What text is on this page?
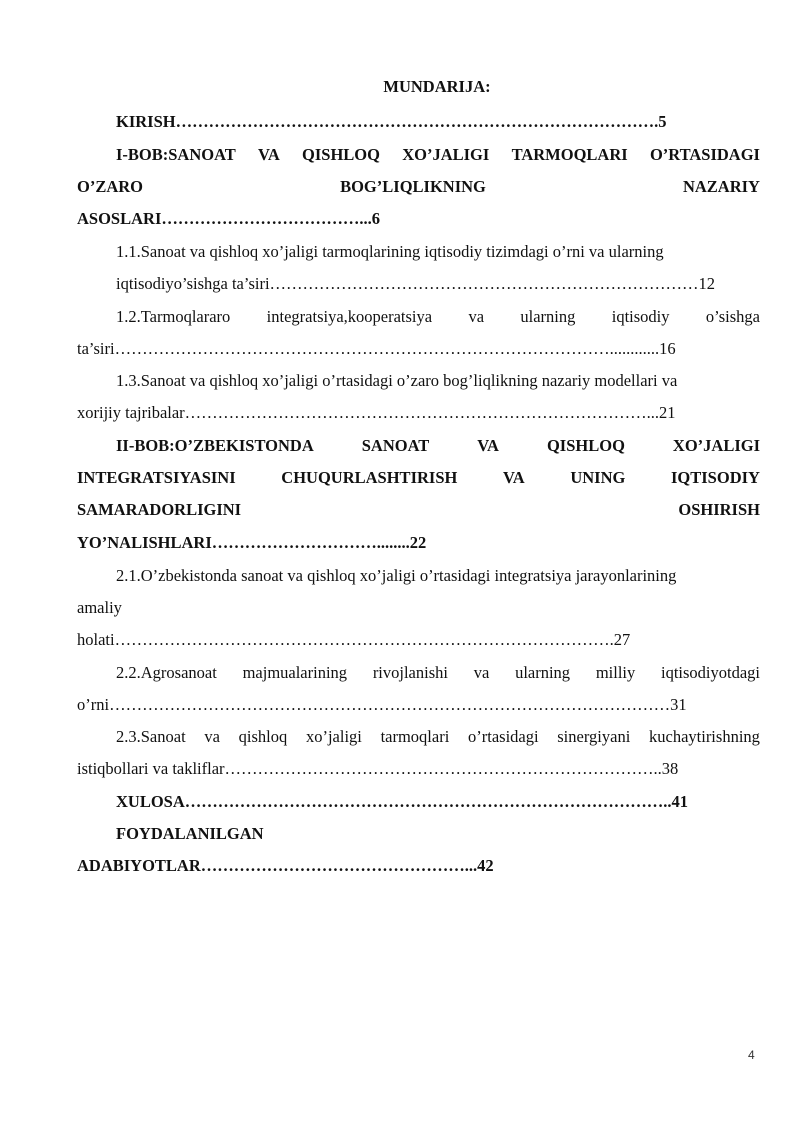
MUNDARIJA:
KIRISH…………………………………………………………………………….5
I-BOB:SANOAT VA QISHLOQ XO’JALIGI TARMOQLARI O’RTASIDAGI
O’ZARO	BOG’LIQLIKNING	NAZARIY
ASOSLARI………………………………...6
1.1.Sanoat va qishloq xo’jaligi tarmoqlarining iqtisodiy tizimdagi o’rni va ularning
iqtisodiyo’sishga ta’siri……………………………………………………………………12
1.2.Tarmoqlararo integratsiya,kooperatsiya va ularning iqtisodiy o’sishga
ta’siri………………………………………………………………………………............16
1.3.Sanoat va qishloq xo’jaligi o’rtasidagi o’zaro bog’liqlikning nazariy modellari va
xorijiy tajribalar…………………………………………………………………………...21
II-BOB:O’ZBEKISTONDA	SANOAT	VA	QISHLOQ	XO’JALIGI
INTEGRATSIYASINI	CHUQURLASHTIRISH	VA	UNING	IQTISODIY
SAMARADORLIGINI	OSHIRISH
YO’NALISHLARI…………………………........22
2.1.O’zbekistonda sanoat va qishloq xo’jaligi o’rtasidagi integratsiya jarayonlarining
amaliy
holati……………………………………………………………………………….27
2.2.Agrosanoat majmualarining rivojlanishi va ularning milliy iqtisodiyotdagi
o’rni…………………………………………………………………………………………31
2.3.Sanoat va qishloq xo’jaligi tarmoqlari o’rtasidagi sinergiyani kuchaytirishning
istiqbollari va takliflar……………………………………………………………………..38
XULOSA……………………………………………………………………………..41
FOYDALANILGAN
ADABIYOTLAR…………………………………………...42
4
